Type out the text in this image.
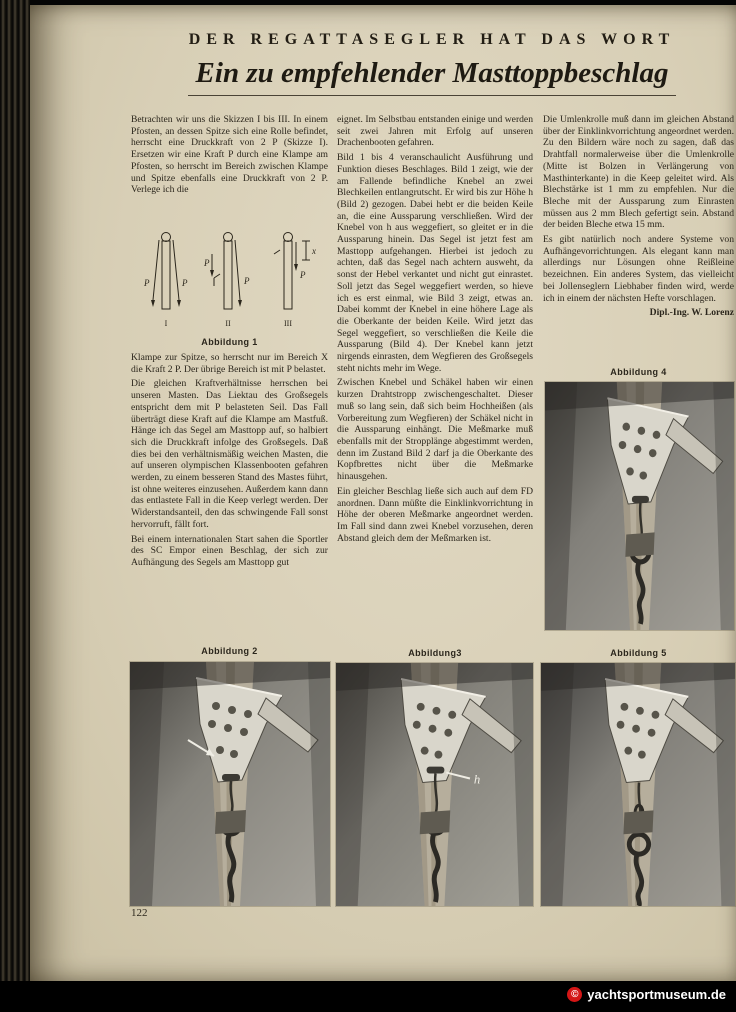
DER REGATTASEGLER HAT DAS WORT
Ein zu empfehlender Masttoppbeschlag

Betrachten wir uns die Skizzen I bis III. In einem Pfosten, an dessen Spitze sich eine Rolle befindet, herrscht eine Druckkraft von 2 P (Skizze I). Ersetzen wir eine Kraft P durch eine Klampe am Pfosten, so herrscht im Bereich zwischen Klampe und Spitze ebenfalls eine Druckkraft von 2 P. Verlege ich die

P	P
P
P
P
x
I	II	III
Abbildung 1

Klampe zur Spitze, so herrscht nur im Bereich X die Kraft 2 P. Der übrige Bereich ist mit P belastet.

Die gleichen Kraftverhältnisse herrschen bei unseren Masten. Das Liektau des Großsegels entspricht dem mit P belasteten Seil. Das Fall überträgt diese Kraft auf die Klampe am Mastfuß. Hänge ich das Segel am Masttopp auf, so halbiert sich die Druckkraft infolge des Großsegels. Daß dies bei den verhältnismäßig weichen Masten, die auf unseren olympischen Klassenbooten gefahren werden, zu einem besseren Stand des Mastes führt, ist ohne weiteres einzusehen. Außerdem kann dann das entlastete Fall in die Keep verlegt werden. Der Widerstandsanteil, den das schwingende Fall sonst hervorruft, fällt fort.

Bei einem internationalen Start sahen die Sportler des SC Empor einen Beschlag, der sich zur Aufhängung des Segels am Masttopp gut

eignet. Im Selbstbau entstanden einige und werden seit zwei Jahren mit Erfolg auf unseren Drachenbooten gefahren.

Bild 1 bis 4 veranschaulicht Ausführung und Funktion dieses Beschlages. Bild 1 zeigt, wie der am Fallende befindliche Knebel an zwei Blechkeilen entlangrutscht. Er wird bis zur Höhe h (Bild 2) gezogen. Dabei hebt er die beiden Keile an, die eine Aussparung verschließen. Wird der Knebel von h aus weggefiert, so gleitet er in die Aussparung hinein. Das Segel ist jetzt fest am Masttopp aufgehangen. Hierbei ist jedoch zu achten, daß das Segel nach achtern ausweht, da sonst der Hebel verkantet und nicht gut einrastet. Soll jetzt das Segel weggefiert werden, so hieve ich es erst einmal, wie Bild 3 zeigt, etwas an. Dabei kommt der Knebel in eine höhere Lage als die Oberkante der beiden Keile. Wird jetzt das Segel weggefiert, so verschließen die Keile die Aussparung (Bild 4). Der Knebel kann jetzt nirgends einrasten, dem Wegfieren des Großsegels steht nichts mehr im Wege.

Zwischen Knebel und Schäkel haben wir einen kurzen Drahtstropp zwischengeschaltet. Dieser muß so lang sein, daß sich beim Hochheißen (als Vorbereitung zum Wegfieren) der Schäkel nicht in die Aussparung einhängt. Die Meßmarke muß ebenfalls mit der Stropplänge abgestimmt werden, denn im Zustand Bild 2 darf ja die Oberkante des Kopfbrettes nicht über die Meßmarke hinausgehen.

Ein gleicher Beschlag ließe sich auch auf dem FD anordnen. Dann müßte die Einklinkvorrichtung in Höhe der oberen Meßmarke angeordnet werden. Im Fall sind dann zwei Knebel vorzusehen, deren Abstand gleich dem der Meßmarken ist.

Die Umlenkrolle muß dann im gleichen Abstand über der Einklinkvorrichtung angeordnet werden. Zu den Bildern wäre noch zu sagen, daß das Drahtfall normalerweise über die Umlenkrolle (Mitte ist Bolzen in Verlängerung von Masthinterkante) in die Keep geleitet wird. Als Blechstärke ist 1 mm zu empfehlen. Nur die Bleche mit der Aussparung zum Einrasten müssen aus 2 mm Blech gefertigt sein. Abstand der beiden Bleche etwa 15 mm.

Es gibt natürlich noch andere Systeme von Aufhängevorrichtungen. Als elegant kann man allerdings nur Lösungen ohne Reißleine bezeichnen. Ein anderes System, das vielleicht bei Jollenseglern Liebhaber finden wird, werde ich in einem der nächsten Hefte vorschlagen.

Dipl.-Ing. W. Lorenz

Abbildung 4
Abbildung 2	Abbildung3	Abbildung 5
h
122
© yachtsportmuseum.de
